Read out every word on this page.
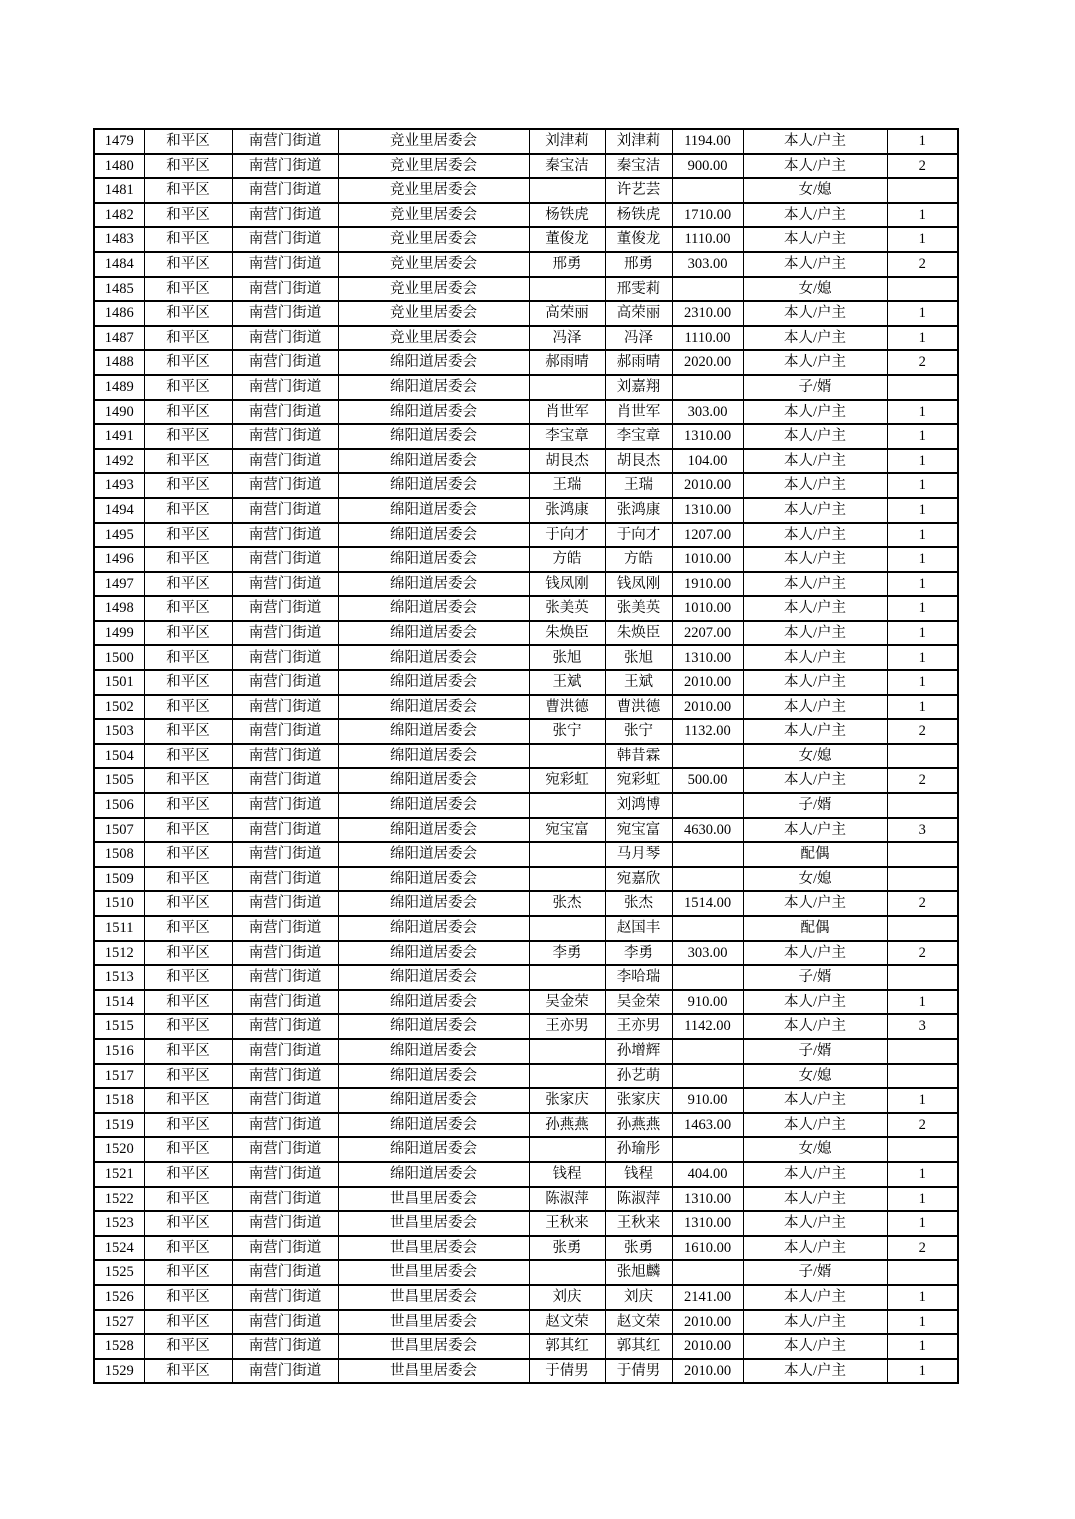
1479	和平区	南营门街道	竞业里居委会	刘津莉	刘津莉	1194.00	本人/户主	1
1480	和平区	南营门街道	竞业里居委会	秦宝洁	秦宝洁	900.00	本人/户主	2
1481	和平区	南营门街道	竞业里居委会		许艺芸		女/媳	
1482	和平区	南营门街道	竞业里居委会	杨铁虎	杨铁虎	1710.00	本人/户主	1
1483	和平区	南营门街道	竞业里居委会	董俊龙	董俊龙	1110.00	本人/户主	1
1484	和平区	南营门街道	竞业里居委会	邢勇	邢勇	303.00	本人/户主	2
1485	和平区	南营门街道	竞业里居委会		邢雯莉		女/媳	
1486	和平区	南营门街道	竞业里居委会	高荣丽	高荣丽	2310.00	本人/户主	1
1487	和平区	南营门街道	竞业里居委会	冯泽	冯泽	1110.00	本人/户主	1
1488	和平区	南营门街道	绵阳道居委会	郝雨晴	郝雨晴	2020.00	本人/户主	2
1489	和平区	南营门街道	绵阳道居委会		刘嘉翔		子/婿	
1490	和平区	南营门街道	绵阳道居委会	肖世军	肖世军	303.00	本人/户主	1
1491	和平区	南营门街道	绵阳道居委会	李宝章	李宝章	1310.00	本人/户主	1
1492	和平区	南营门街道	绵阳道居委会	胡艮杰	胡艮杰	104.00	本人/户主	1
1493	和平区	南营门街道	绵阳道居委会	王瑞	王瑞	2010.00	本人/户主	1
1494	和平区	南营门街道	绵阳道居委会	张鸿康	张鸿康	1310.00	本人/户主	1
1495	和平区	南营门街道	绵阳道居委会	于向才	于向才	1207.00	本人/户主	1
1496	和平区	南营门街道	绵阳道居委会	方皓	方皓	1010.00	本人/户主	1
1497	和平区	南营门街道	绵阳道居委会	钱凤刚	钱凤刚	1910.00	本人/户主	1
1498	和平区	南营门街道	绵阳道居委会	张美英	张美英	1010.00	本人/户主	1
1499	和平区	南营门街道	绵阳道居委会	朱焕臣	朱焕臣	2207.00	本人/户主	1
1500	和平区	南营门街道	绵阳道居委会	张旭	张旭	1310.00	本人/户主	1
1501	和平区	南营门街道	绵阳道居委会	王斌	王斌	2010.00	本人/户主	1
1502	和平区	南营门街道	绵阳道居委会	曹洪德	曹洪德	2010.00	本人/户主	1
1503	和平区	南营门街道	绵阳道居委会	张宁	张宁	1132.00	本人/户主	2
1504	和平区	南营门街道	绵阳道居委会		韩昔霖		女/媳	
1505	和平区	南营门街道	绵阳道居委会	宛彩虹	宛彩虹	500.00	本人/户主	2
1506	和平区	南营门街道	绵阳道居委会		刘鸿博		子/婿	
1507	和平区	南营门街道	绵阳道居委会	宛宝富	宛宝富	4630.00	本人/户主	3
1508	和平区	南营门街道	绵阳道居委会		马月琴		配偶	
1509	和平区	南营门街道	绵阳道居委会		宛嘉欣		女/媳	
1510	和平区	南营门街道	绵阳道居委会	张杰	张杰	1514.00	本人/户主	2
1511	和平区	南营门街道	绵阳道居委会		赵国丰		配偶	
1512	和平区	南营门街道	绵阳道居委会	李勇	李勇	303.00	本人/户主	2
1513	和平区	南营门街道	绵阳道居委会		李哈瑞		子/婿	
1514	和平区	南营门街道	绵阳道居委会	吴金荣	吴金荣	910.00	本人/户主	1
1515	和平区	南营门街道	绵阳道居委会	王亦男	王亦男	1142.00	本人/户主	3
1516	和平区	南营门街道	绵阳道居委会		孙增辉		子/婿	
1517	和平区	南营门街道	绵阳道居委会		孙艺萌		女/媳	
1518	和平区	南营门街道	绵阳道居委会	张家庆	张家庆	910.00	本人/户主	1
1519	和平区	南营门街道	绵阳道居委会	孙燕燕	孙燕燕	1463.00	本人/户主	2
1520	和平区	南营门街道	绵阳道居委会		孙瑜彤		女/媳	
1521	和平区	南营门街道	绵阳道居委会	钱程	钱程	404.00	本人/户主	1
1522	和平区	南营门街道	世昌里居委会	陈淑萍	陈淑萍	1310.00	本人/户主	1
1523	和平区	南营门街道	世昌里居委会	王秋来	王秋来	1310.00	本人/户主	1
1524	和平区	南营门街道	世昌里居委会	张勇	张勇	1610.00	本人/户主	2
1525	和平区	南营门街道	世昌里居委会		张旭麟		子/婿	
1526	和平区	南营门街道	世昌里居委会	刘庆	刘庆	2141.00	本人/户主	1
1527	和平区	南营门街道	世昌里居委会	赵文荣	赵文荣	2010.00	本人/户主	1
1528	和平区	南营门街道	世昌里居委会	郭其红	郭其红	2010.00	本人/户主	1
1529	和平区	南营门街道	世昌里居委会	于倩男	于倩男	2010.00	本人/户主	1
